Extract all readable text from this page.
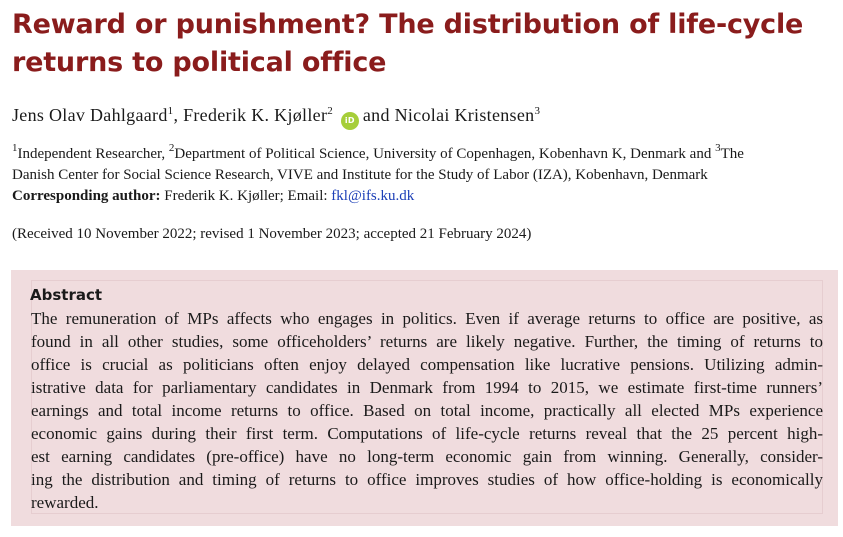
Reward or punishment? The distribution of life-cycle returns to political office
Jens Olav Dahlgaard$^1$, Frederik K. Kjøller$^2$ iD and Nicolai Kristensen$^3$
$^1$Independent Researcher, $^2$Department of Political Science, University of Copenhagen, Kobenhavn K, Denmark and $^3$The
Danish Center for Social Science Research, VIVE and Institute for the Study of Labor (IZA), Kobenhavn, Denmark
Corresponding author: Frederik K. Kjøller; Email: fkl@ifs.ku.dk
(Received 10 November 2022; revised 1 November 2023; accepted 21 February 2024)
Abstract
The remuneration of MPs affects who engages in politics. Even if average returns to office are positive, as
found in all other studies, some officeholders’ returns are likely negative. Further, the timing of returns to
office is crucial as politicians often enjoy delayed compensation like lucrative pensions. Utilizing admin-
istrative data for parliamentary candidates in Denmark from 1994 to 2015, we estimate first-time runners’
earnings and total income returns to office. Based on total income, practically all elected MPs experience
economic gains during their first term. Computations of life-cycle returns reveal that the 25 percent high-
est earning candidates (pre-office) have no long-term economic gain from winning. Generally, consider-
ing the distribution and timing of returns to office improves studies of how office-holding is economically
rewarded.
